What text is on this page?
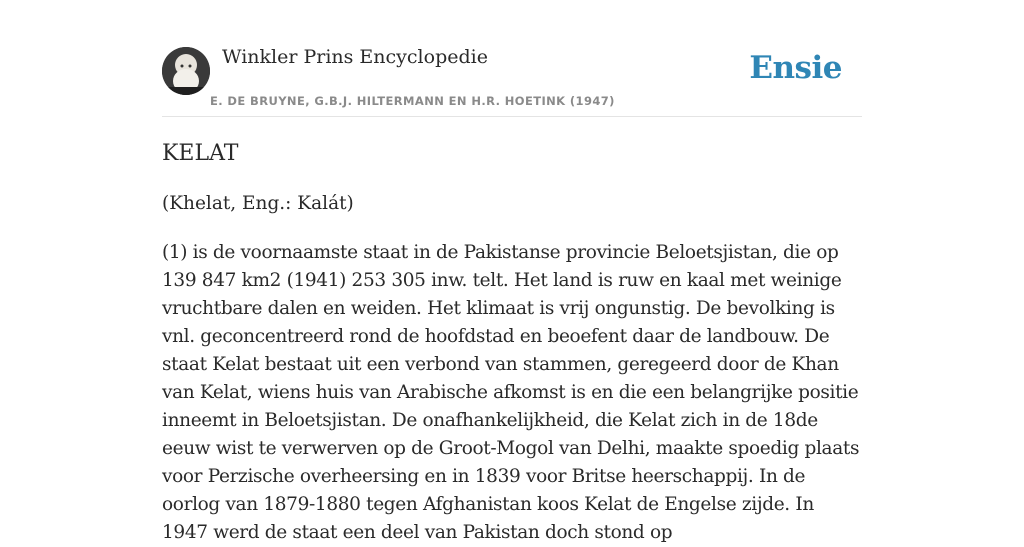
Winkler Prins Encyclopedie
E. DE BRUYNE, G.B.J. HILTERMANN EN H.R. HOETINK (1947)
Ensie
KELAT

(Khelat, Eng.: Kalát)

(1) is de voornaamste staat in de Pakistanse provincie Beloetsjistan, die op 139 847 km2 (1941) 253 305 inw. telt. Het land is ruw en kaal met weinige vruchtbare dalen en weiden. Het klimaat is vrij ongunstig. De bevolking is vnl. geconcentreerd rond de hoofdstad en beoefent daar de landbouw. De staat Kelat bestaat uit een verbond van stammen, geregeerd door de Khan van Kelat, wiens huis van Arabische afkomst is en die een belangrijke positie inneemt in Beloetsjistan. De onafhankelijkheid, die Kelat zich in de 18de eeuw wist te verwerven op de Groot-Mogol van Delhi, maakte spoedig plaats voor Perzische overheersing en in 1839 voor Britse heerschappij. In de oorlog van 1879-1880 tegen Afghanistan koos Kelat de Engelse zijde. In 1947 werd de staat een deel van Pakistan doch stond op
